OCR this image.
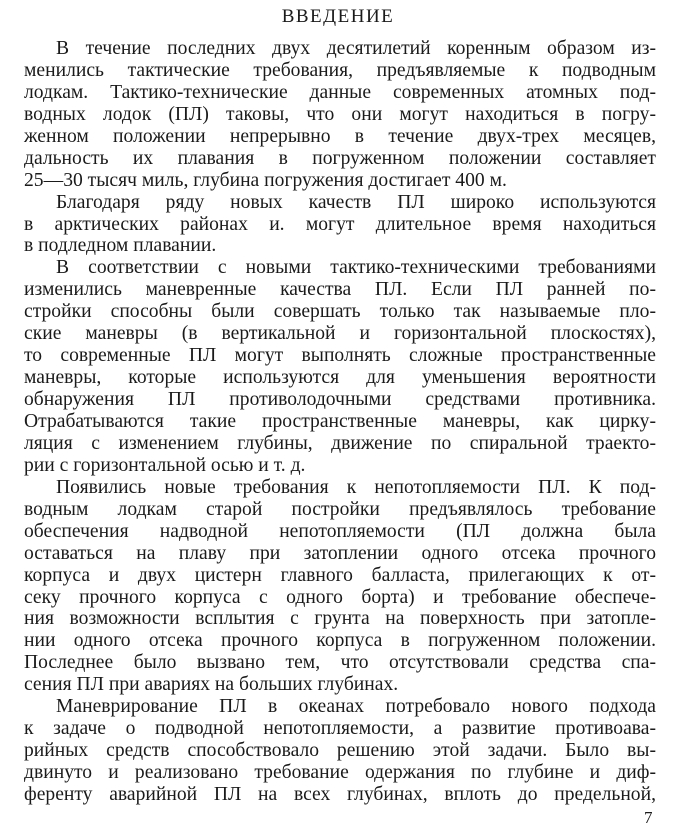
ВВЕДЕНИЕ
В течение последних двух десятилетий коренным образом из-
менились тактические требования, предъявляемые к подводным
лодкам. Тактико-технические данные современных атомных под-
водных лодок (ПЛ) таковы, что они могут находиться в погру-
женном положении непрерывно в течение двух-трех месяцев,
дальность их плавания в погруженном положении составляет
25—30 тысяч миль, глубина погружения достигает 400 м.
Благодаря ряду новых качеств ПЛ широко используются
в арктических районах и. могут длительное время находиться
в подледном плавании.
В соответствии с новыми тактико-техническими требованиями
изменились маневренные качества ПЛ. Если ПЛ ранней по-
стройки способны были совершать только так называемые пло-
ские маневры (в вертикальной и горизонтальной плоскостях),
то современные ПЛ могут выполнять сложные пространственные
маневры, которые используются для уменьшения вероятности
обнаружения ПЛ противолодочными средствами противника.
Отрабатываются такие пространственные маневры, как циркy-
ляция с изменением глубины, движение по спиральной траекто-
рии с горизонтальной осью и т. д.
Появились новые требования к непотопляемости ПЛ. К под-
водным лодкам старой постройки предъявлялось требование
обеспечения надводной непотопляемости (ПЛ должна была
оставаться на плаву при затоплении одного отсека прочного
корпуса и двух цистерн главного балласта, прилегающих к от-
секу прочного корпуса с одного борта) и требование обеспече-
ния возможности всплытия с грунта на поверхность при затопле-
нии одного отсека прочного корпуса в погруженном положении.
Последнее было вызвано тем, что отсутствовали средства спа-
сения ПЛ при авариях на больших глубинах.
Маневрирование ПЛ в океанах потребовало нового подхода
к задаче о подводной непотопляемости, а развитие противоава-
рийных средств способствовало решению этой задачи. Было вы-
двинуто и реализовано требование одержания по глубине и диф-
ференту аварийной ПЛ на всех глубинах, вплоть до предельной,
7
